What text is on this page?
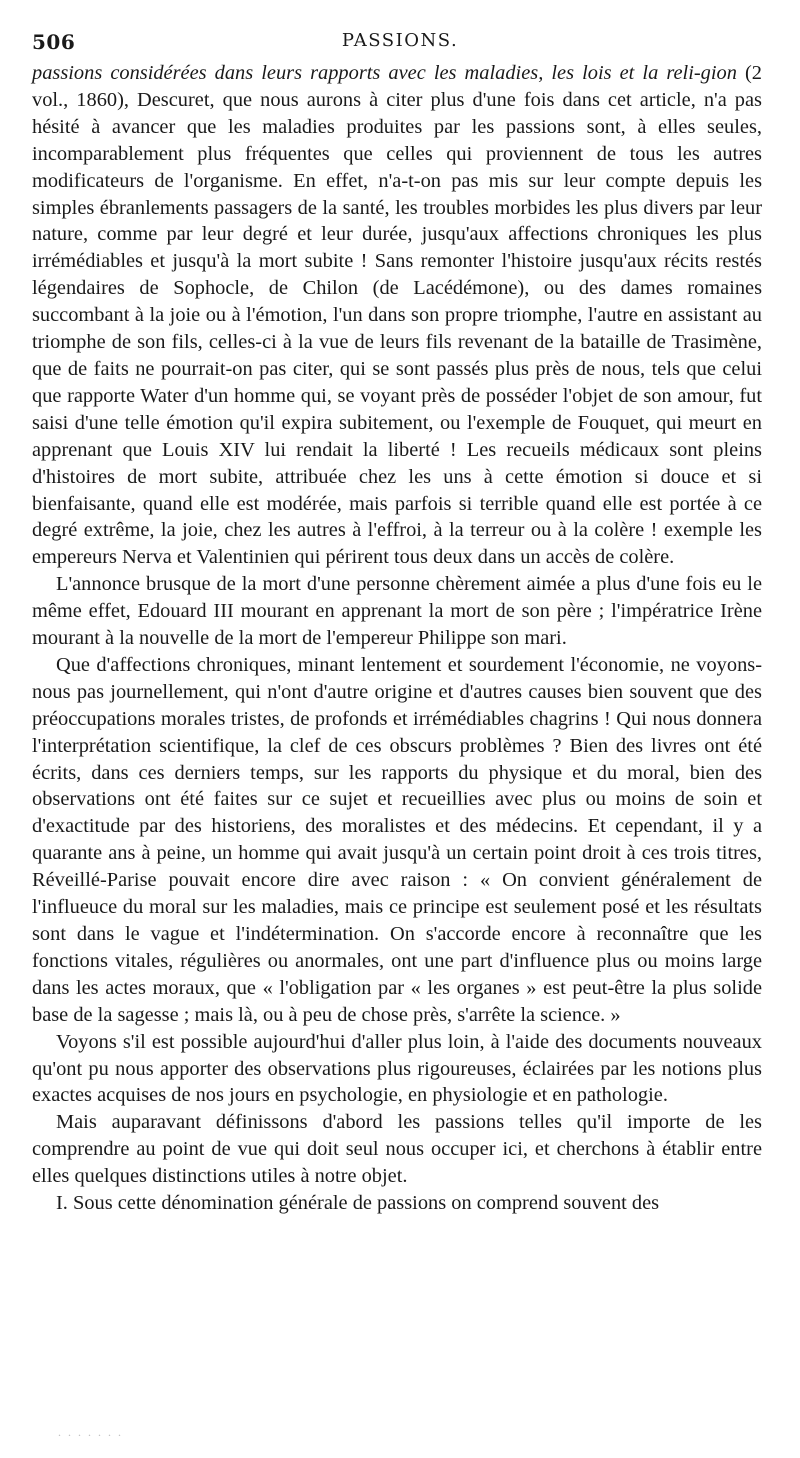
506	PASSIONS.

passions considérées dans leurs rapports avec les maladies, les lois et la reli-gion (2 vol., 1860), Descuret, que nous aurons à citer plus d'une fois dans cet article, n'a pas hésité à avancer que les maladies produites par les passions sont, à elles seules, incomparablement plus fréquentes que celles qui proviennent de tous les autres modificateurs de l'organisme. En effet, n'a-t-on pas mis sur leur compte depuis les simples ébranlements passagers de la santé, les troubles morbides les plus divers par leur nature, comme par leur degré et leur durée, jusqu'aux affections chroniques les plus irrémédiables et jusqu'à la mort subite ! Sans remonter l'histoire jusqu'aux récits restés légendaires de Sophocle, de Chilon (de Lacédémone), ou des dames romaines succombant à la joie ou à l'émotion, l'un dans son propre triomphe, l'autre en assistant au triomphe de son fils, celles-ci à la vue de leurs fils revenant de la bataille de Trasimène, que de faits ne pourrait-on pas citer, qui se sont passés plus près de nous, tels que celui que rapporte Water d'un homme qui, se voyant près de posséder l'objet de son amour, fut saisi d'une telle émotion qu'il expira subitement, ou l'exemple de Fouquet, qui meurt en apprenant que Louis XIV lui rendait la liberté ! Les recueils médicaux sont pleins d'histoires de mort subite, attribuée chez les uns à cette émotion si douce et si bienfaisante, quand elle est modérée, mais parfois si terrible quand elle est portée à ce degré extrême, la joie, chez les autres à l'effroi, à la terreur ou à la colère ! exemple les empereurs Nerva et Valentinien qui périrent tous deux dans un accès de colère.

L'annonce brusque de la mort d'une personne chèrement aimée a plus d'une fois eu le même effet, Edouard III mourant en apprenant la mort de son père ; l'impératrice Irène mourant à la nouvelle de la mort de l'empereur Philippe son mari.

Que d'affections chroniques, minant lentement et sourdement l'économie, ne voyons-nous pas journellement, qui n'ont d'autre origine et d'autres causes bien souvent que des préoccupations morales tristes, de profonds et irrémédiables chagrins ! Qui nous donnera l'interprétation scientifique, la clef de ces obscurs problèmes ? Bien des livres ont été écrits, dans ces derniers temps, sur les rapports du physique et du moral, bien des observations ont été faites sur ce sujet et recueillies avec plus ou moins de soin et d'exactitude par des historiens, des moralistes et des médecins. Et cependant, il y a quarante ans à peine, un homme qui avait jusqu'à un certain point droit à ces trois titres, Réveillé-Parise pouvait encore dire avec raison : « On convient généralement de l'influeuce du moral sur les maladies, mais ce principe est seulement posé et les résultats sont dans le vague et l'indétermination. On s'accorde encore à reconnaître que les fonctions vitales, régulières ou anormales, ont une part d'influence plus ou moins large dans les actes moraux, que « l'obligation par « les organes » est peut-être la plus solide base de la sagesse ; mais là, ou à peu de chose près, s'arrête la science. »

Voyons s'il est possible aujourd'hui d'aller plus loin, à l'aide des documents nouveaux qu'ont pu nous apporter des observations plus rigoureuses, éclairées par les notions plus exactes acquises de nos jours en psychologie, en physiologie et en pathologie.

Mais auparavant définissons d'abord les passions telles qu'il importe de les comprendre au point de vue qui doit seul nous occuper ici, et cherchons à établir entre elles quelques distinctions utiles à notre objet.

I. Sous cette dénomination générale de passions on comprend souvent des

. . . . . . .
